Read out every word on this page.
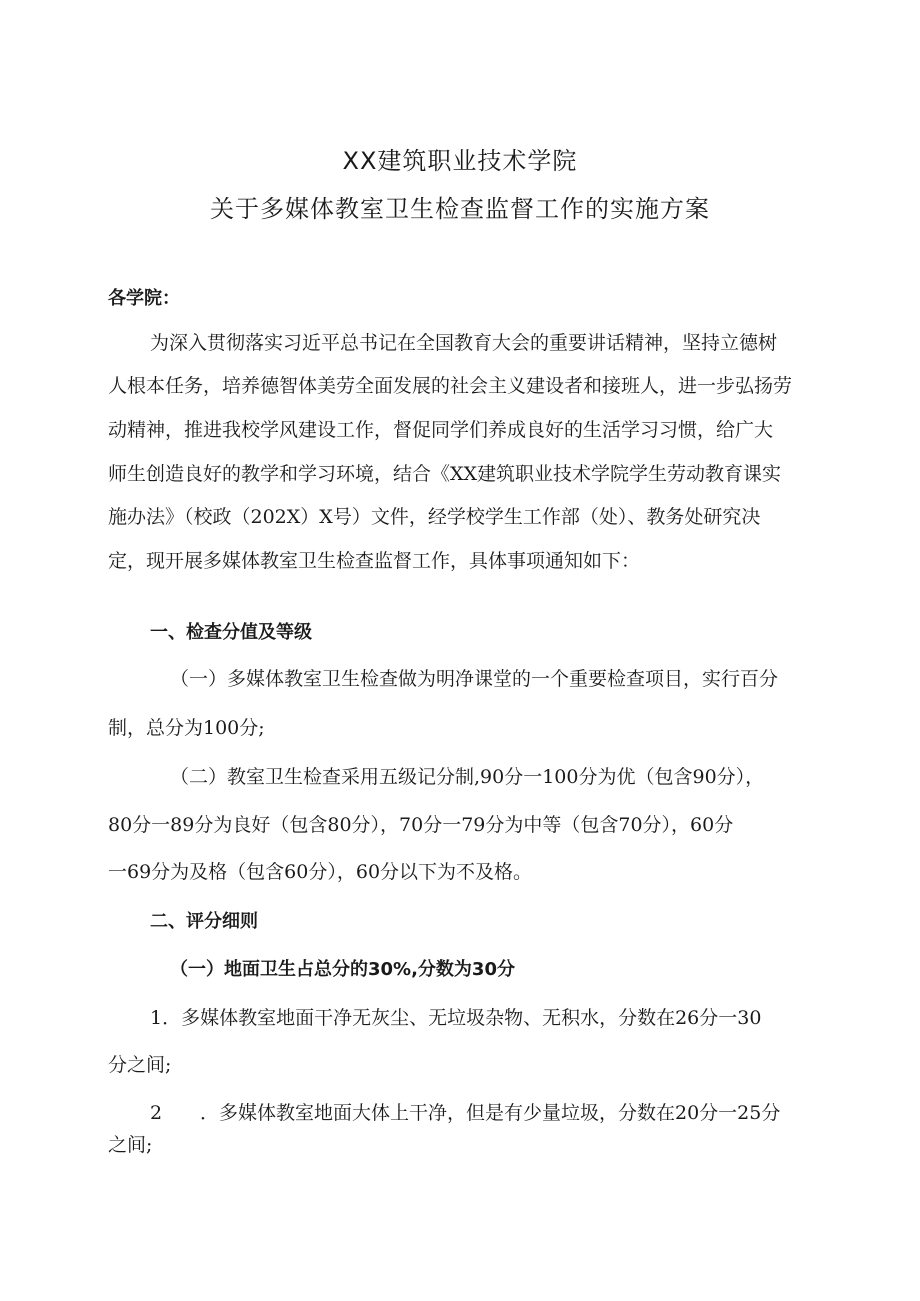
XX建筑职业技术学院
关于多媒体教室卫生检查监督工作的实施方案
各学院：
为深入贯彻落实习近平总书记在全国教育大会的重要讲话精神，坚持立德树
人根本任务，培养德智体美劳全面发展的社会主义建设者和接班人，进一步弘扬劳
动精神，推进我校学风建设工作，督促同学们养成良好的生活学习习惯，给广大
师生创造良好的教学和学习环境，结合《XX建筑职业技术学院学生劳动教育课实
施办法》（校政（202X）X号）文件，经学校学生工作部（处）、教务处研究决
定，现开展多媒体教室卫生检查监督工作，具体事项通知如下：
一、检查分值及等级
（一）多媒体教室卫生检查做为明净课堂的一个重要检查项目，实行百分
制，总分为100分;
（二）教室卫生检查采用五级记分制,90分一100分为优（包含90分），
80分一89分为良好（包含80分），70分一79分为中等（包含70分），60分
一69分为及格（包含60分），60分以下为不及格。
二、评分细则
（一）地面卫生占总分的30%,分数为30分
1．多媒体教室地面干净无灰尘、无垃圾杂物、无积水，分数在26分一30
分之间;
2 ．多媒体教室地面大体上干净，但是有少量垃圾，分数在20分一25分
之间;
